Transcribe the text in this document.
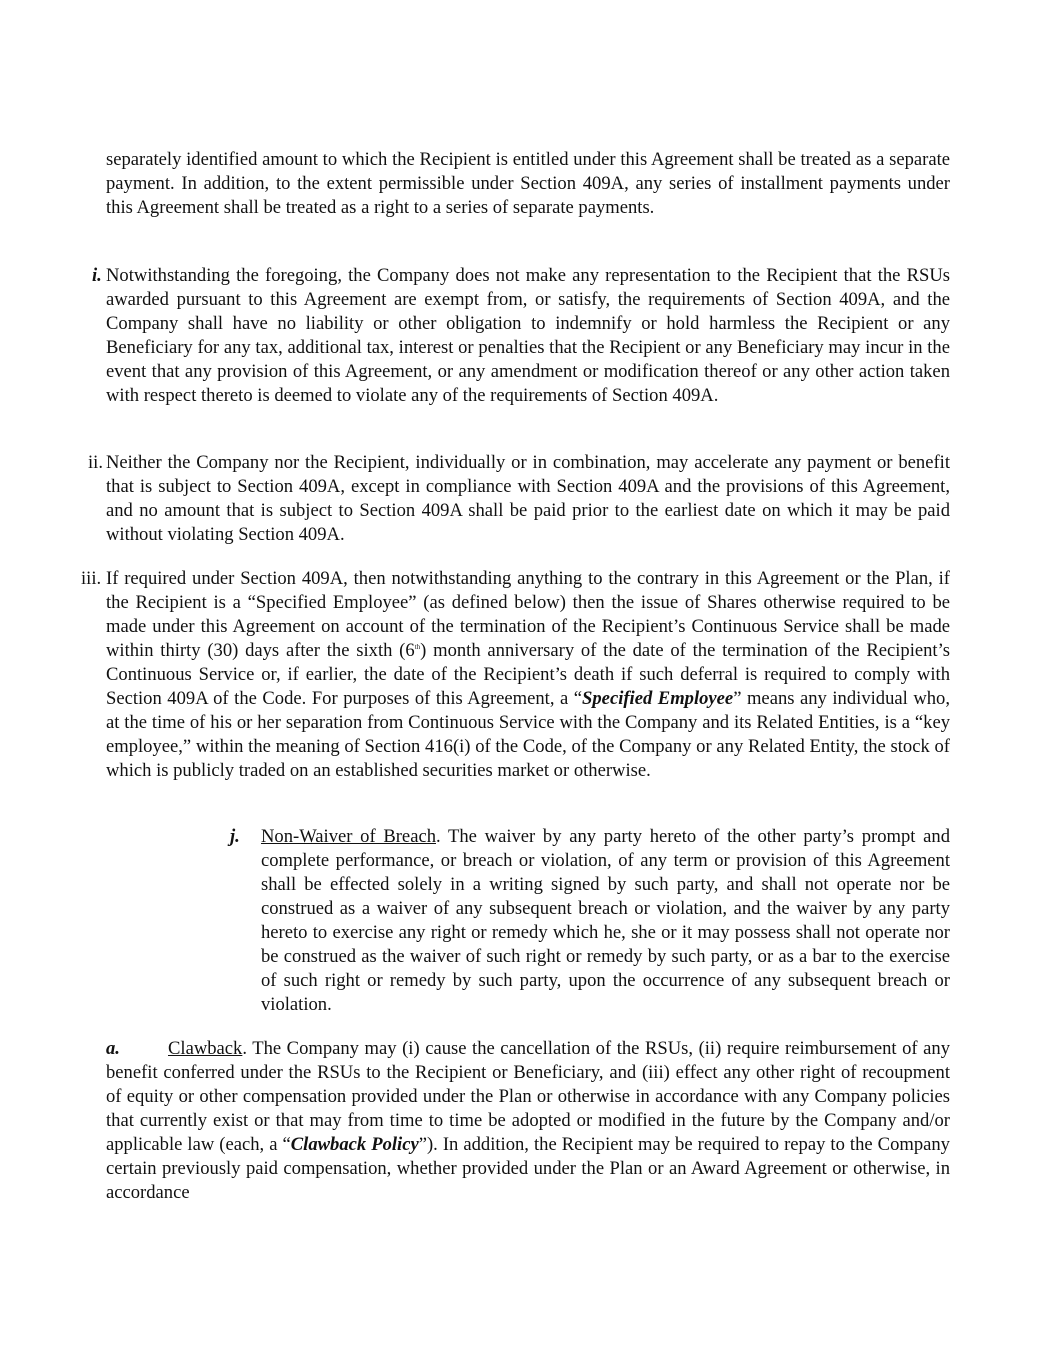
separately identified amount to which the Recipient is entitled under this Agreement shall be treated as a separate payment. In addition, to the extent permissible under Section 409A, any series of installment payments under this Agreement shall be treated as a right to a series of separate payments.

i. Notwithstanding the foregoing, the Company does not make any representation to the Recipient that the RSUs awarded pursuant to this Agreement are exempt from, or satisfy, the requirements of Section 409A, and the Company shall have no liability or other obligation to indemnify or hold harmless the Recipient or any Beneficiary for any tax, additional tax, interest or penalties that the Recipient or any Beneficiary may incur in the event that any provision of this Agreement, or any amendment or modification thereof or any other action taken with respect thereto is deemed to violate any of the requirements of Section 409A.

ii. Neither the Company nor the Recipient, individually or in combination, may accelerate any payment or benefit that is subject to Section 409A, except in compliance with Section 409A and the provisions of this Agreement, and no amount that is subject to Section 409A shall be paid prior to the earliest date on which it may be paid without violating Section 409A.

iii. If required under Section 409A, then notwithstanding anything to the contrary in this Agreement or the Plan, if the Recipient is a “Specified Employee” (as defined below) then the issue of Shares otherwise required to be made under this Agreement on account of the termination of the Recipient’s Continuous Service shall be made within thirty (30) days after the sixth (6th) month anniversary of the date of the termination of the Recipient’s Continuous Service or, if earlier, the date of the Recipient’s death if such deferral is required to comply with Section 409A of the Code. For purposes of this Agreement, a “Specified Employee” means any individual who, at the time of his or her separation from Continuous Service with the Company and its Related Entities, is a “key employee,” within the meaning of Section 416(i) of the Code, of the Company or any Related Entity, the stock of which is publicly traded on an established securities market or otherwise.

j. Non-Waiver of Breach. The waiver by any party hereto of the other party’s prompt and complete performance, or breach or violation, of any term or provision of this Agreement shall be effected solely in a writing signed by such party, and shall not operate nor be construed as a waiver of any subsequent breach or violation, and the waiver by any party hereto to exercise any right or remedy which he, she or it may possess shall not operate nor be construed as the waiver of such right or remedy by such party, or as a bar to the exercise of such right or remedy by such party, upon the occurrence of any subsequent breach or violation.

a.	Clawback. The Company may (i) cause the cancellation of the RSUs, (ii) require reimbursement of any benefit conferred under the RSUs to the Recipient or Beneficiary, and (iii) effect any other right of recoupment of equity or other compensation provided under the Plan or otherwise in accordance with any Company policies that currently exist or that may from time to time be adopted or modified in the future by the Company and/or applicable law (each, a “Clawback Policy”). In addition, the Recipient may be required to repay to the Company certain previously paid compensation, whether provided under the Plan or an Award Agreement or otherwise, in accordance
